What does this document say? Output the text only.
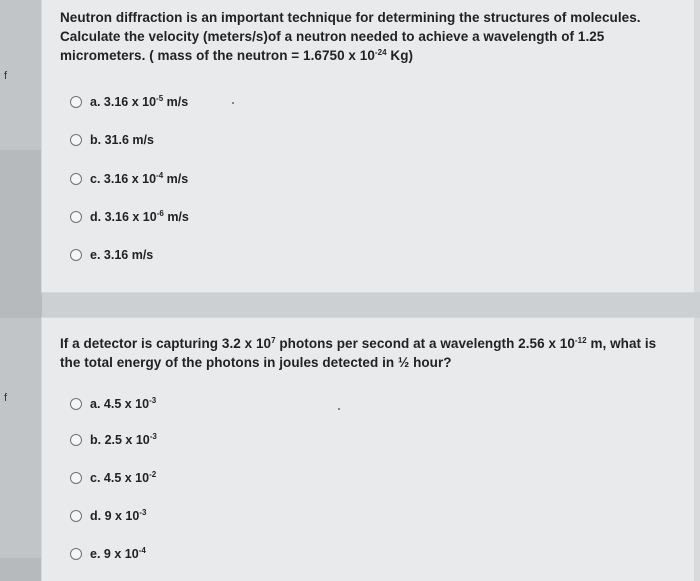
f
f
Neutron diffraction is an important technique for determining the structures of molecules.
Calculate the velocity (meters/s)of a neutron needed to achieve a wavelength of 1.25
micrometers. ( mass of the neutron = 1.6750 x $10^{-24}$ Kg)
a. 3.16 x $10^{-5}$ m/s
b. 31.6 m/s
c. 3.16 x $10^{-4}$ m/s
d. 3.16 x $10^{-6}$ m/s
e. 3.16 m/s
If a detector is capturing 3.2 x $10^7$ photons per second at a wavelength 2.56 x $10^{-12}$ m, what is
the total energy of the photons in joules detected in ½ hour?
a. 4.5 x $10^{-3}$
b. 2.5 x $10^{-3}$
c. 4.5 x $10^{-2}$
d. 9 x $10^{-3}$
e. 9 x $10^{-4}$
